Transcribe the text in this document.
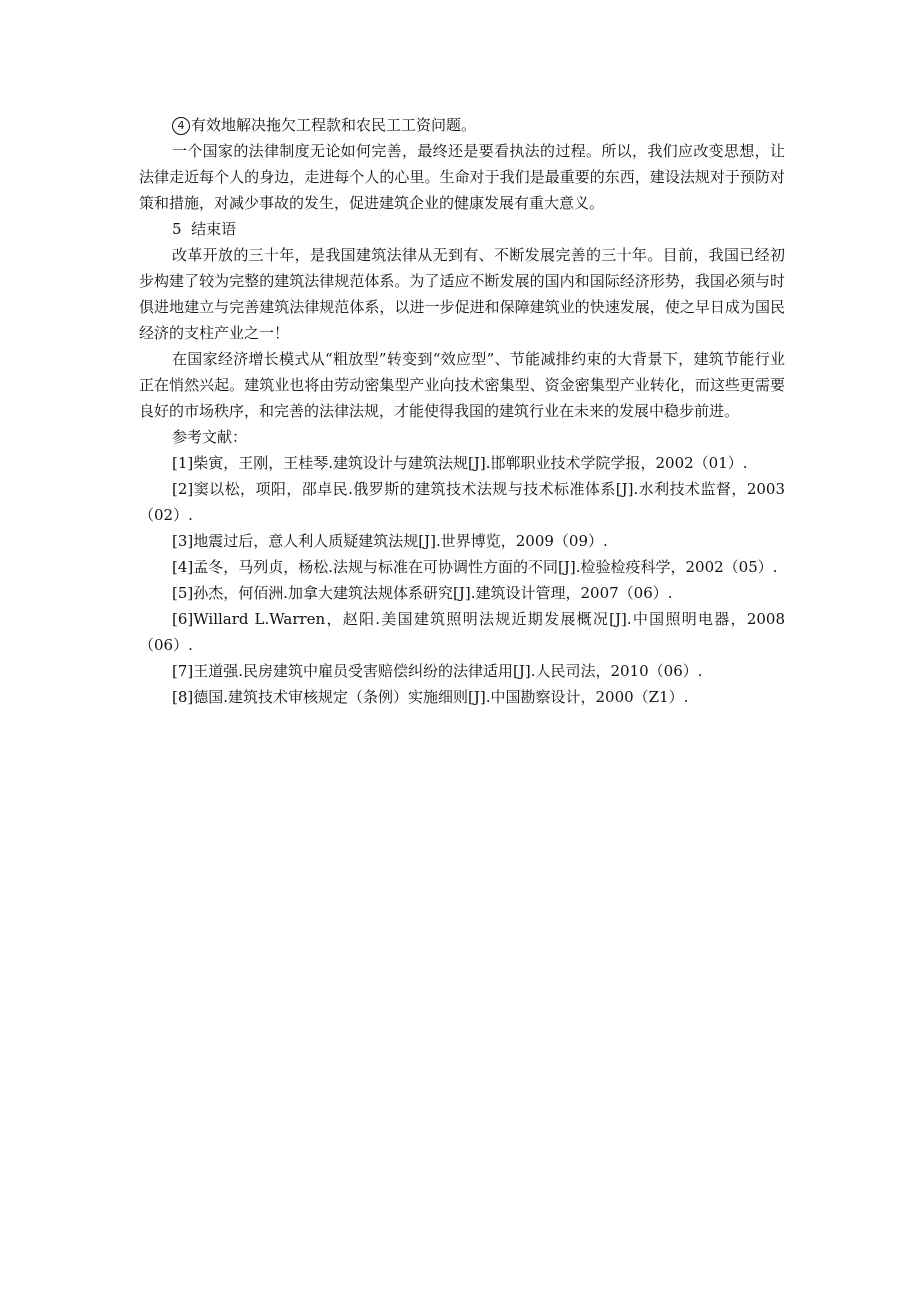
4 有效地解决拖欠工程款和农民工工资问题。

一个国家的法律制度无论如何完善，最终还是要看执法的过程。所以，我们应改变思想，让法律走近每个人的身边，走进每个人的心里。生命对于我们是最重要的东西，建设法规对于预防对策和措施，对减少事故的发生，促进建筑企业的健康发展有重大意义。

5  结束语

改革开放的三十年，是我国建筑法律从无到有、不断发展完善的三十年。目前，我国已经初步构建了较为完整的建筑法律规范体系。为了适应不断发展的国内和国际经济形势，我国必须与时俱进地建立与完善建筑法律规范体系，以进一步促进和保障建筑业的快速发展，使之早日成为国民经济的支柱产业之一！

在国家经济增长模式从“粗放型”转变到“效应型”、节能减排约束的大背景下，建筑节能行业正在悄然兴起。建筑业也将由劳动密集型产业向技术密集型、资金密集型产业转化，而这些更需要良好的市场秩序，和完善的法律法规，才能使得我国的建筑行业在未来的发展中稳步前进。

参考文献：

[1]柴寅，王刚，王桂琴.建筑设计与建筑法规[J].邯郸职业技术学院学报，2002（01）.

[2]窦以松，项阳，邵卓民.俄罗斯的建筑技术法规与技术标准体系[J].水利技术监督，2003（02）.

[3]地震过后，意人利人质疑建筑法规[J].世界博览，2009（09）.

[4]孟冬，马列贞，杨松.法规与标准在可协调性方面的不同[J].检验检疫科学，2002（05）.

[5]孙杰，何佰洲.加拿大建筑法规体系研究[J].建筑设计管理，2007（06）.

[6]Willard L.Warren，赵阳.美国建筑照明法规近期发展概况[J].中国照明电器，2008（06）.

[7]王道强.民房建筑中雇员受害赔偿纠纷的法律适用[J].人民司法，2010（06）.

[8]德国.建筑技术审核规定（条例）实施细则[J].中国勘察设计，2000（Z1）.
